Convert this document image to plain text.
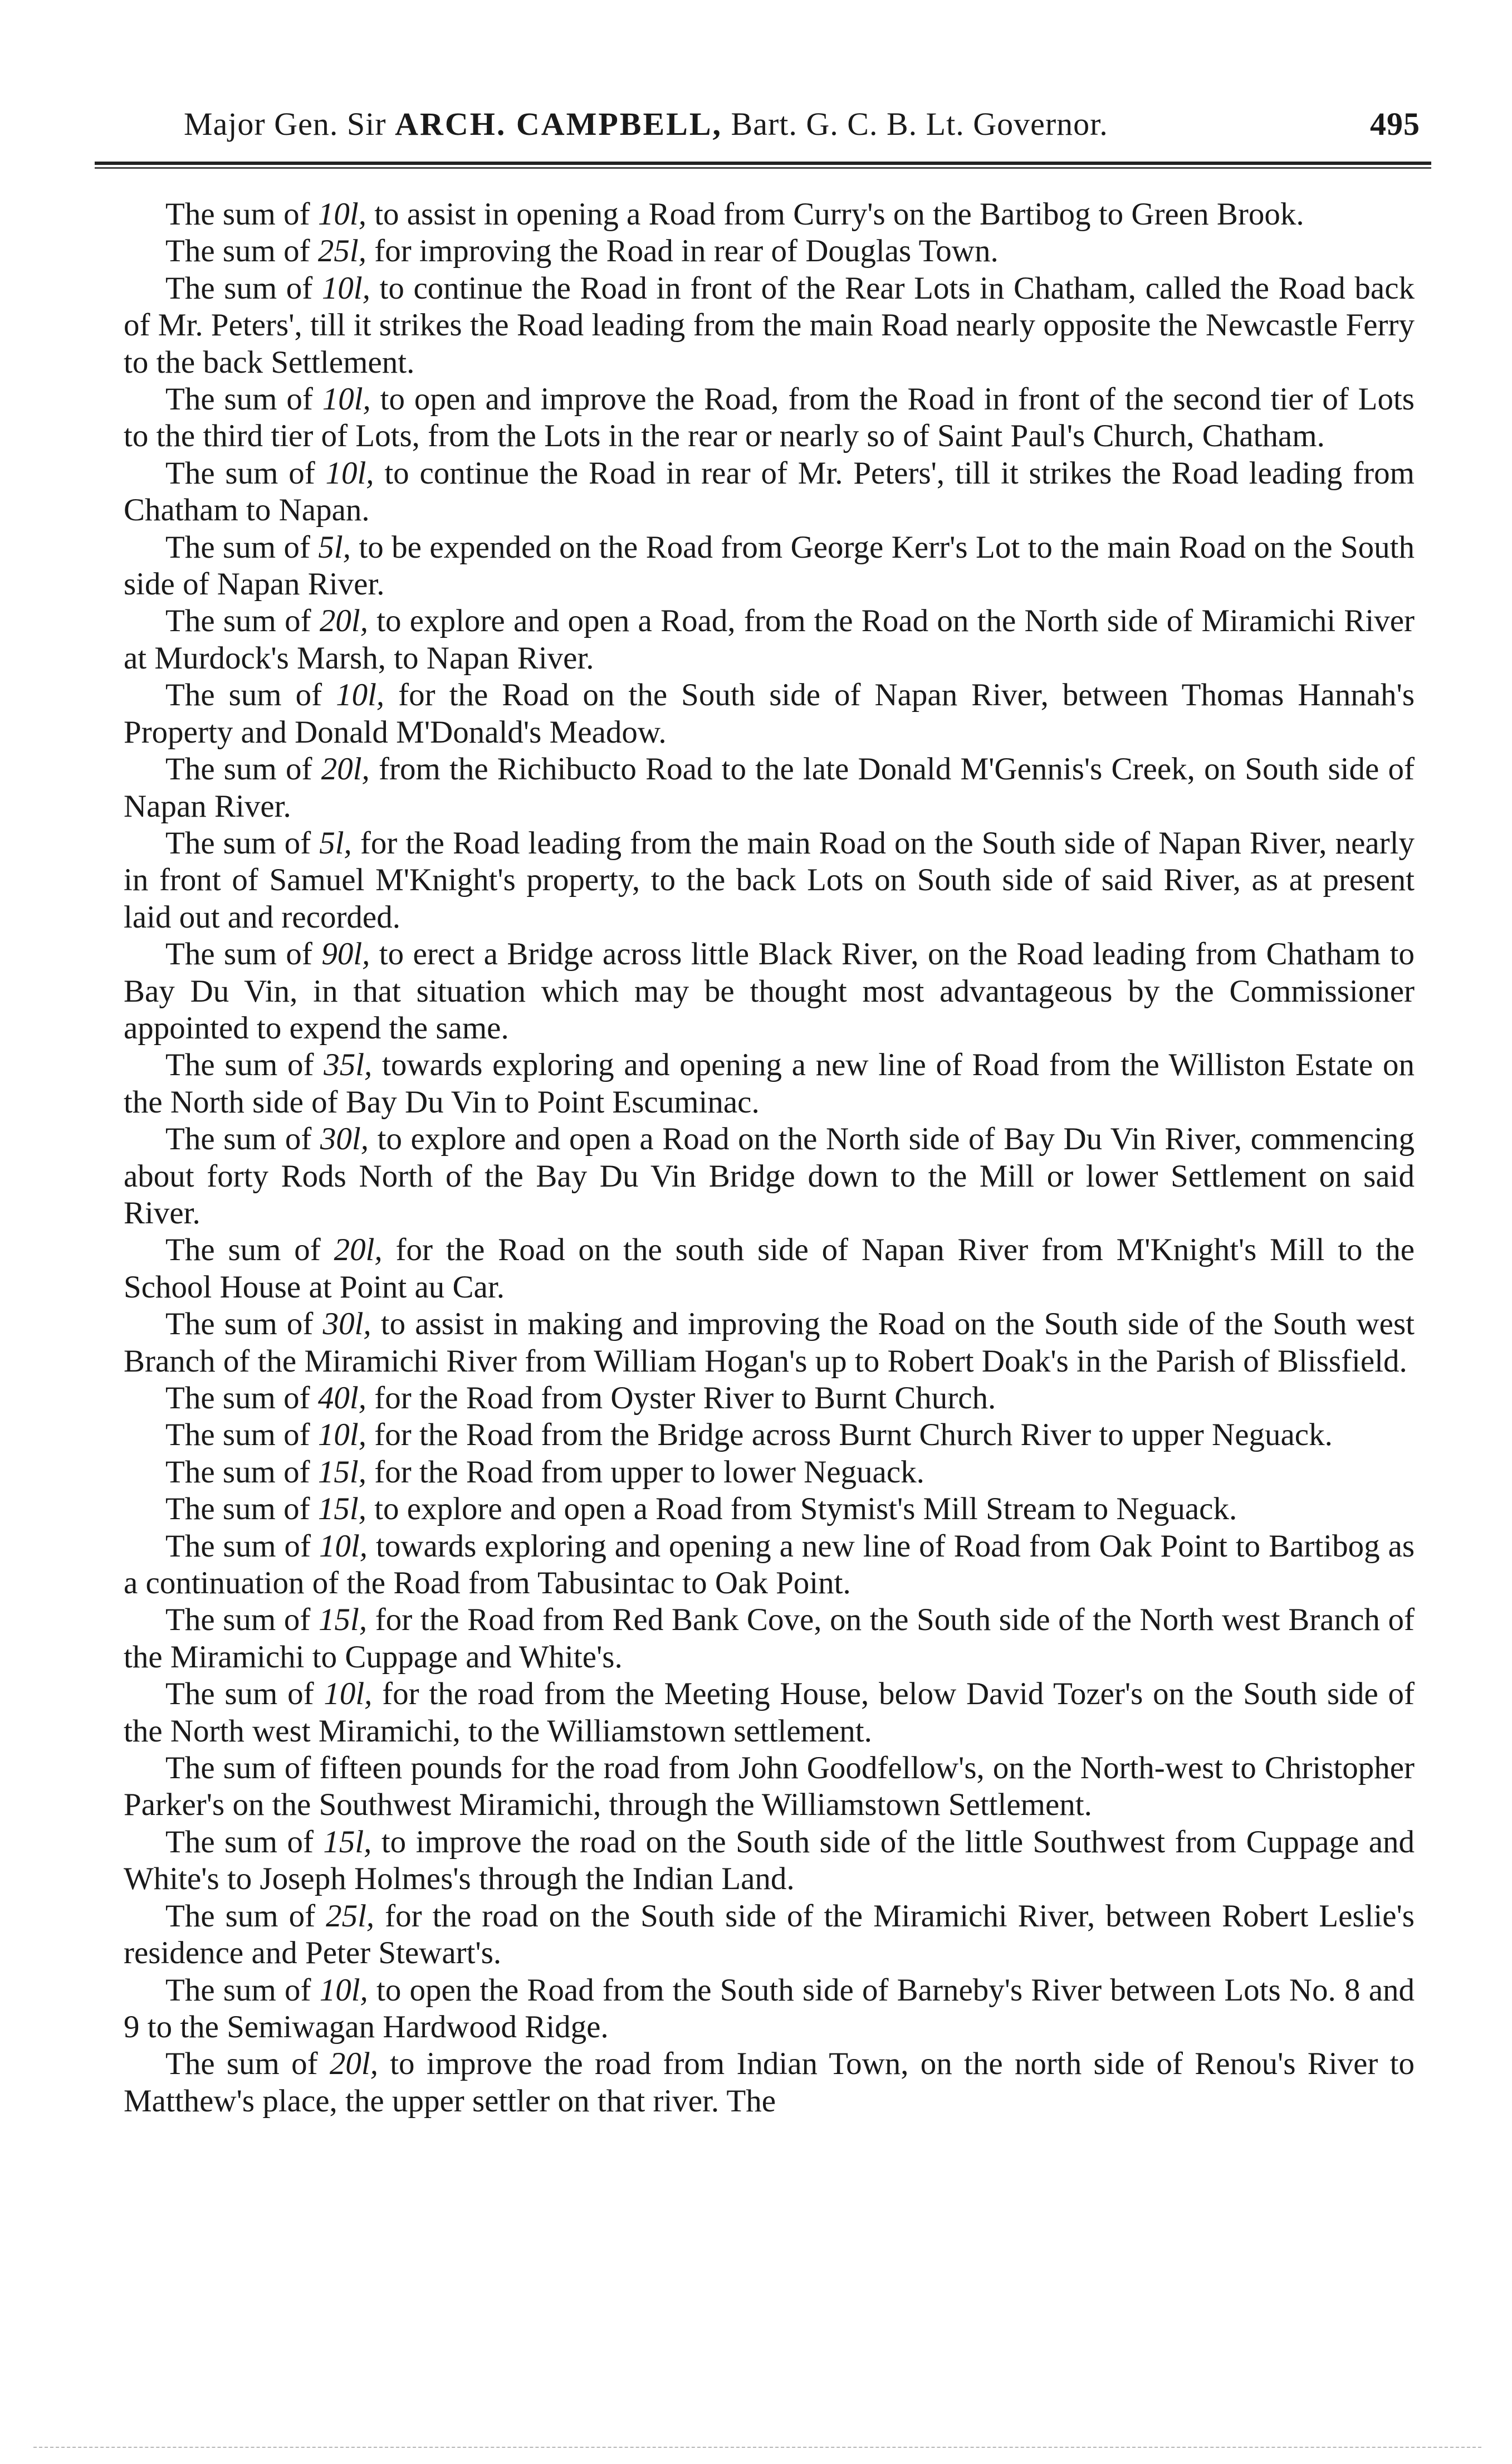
Major Gen. Sir ARCH. CAMPBELL, Bart. G. C. B. Lt. Governor.	495

The sum of 10l, to assist in opening a Road from Curry's on the Bartibog to Green Brook.

The sum of 25l, for improving the Road in rear of Douglas Town.

The sum of 10l, to continue the Road in front of the Rear Lots in Chatham, called the Road back of Mr. Peters', till it strikes the Road leading from the main Road nearly opposite the Newcastle Ferry to the back Settlement.

The sum of 10l, to open and improve the Road, from the Road in front of the second tier of Lots to the third tier of Lots, from the Lots in the rear or nearly so of Saint Paul's Church, Chatham.

The sum of 10l, to continue the Road in rear of Mr. Peters', till it strikes the Road leading from Chatham to Napan.

The sum of 5l, to be expended on the Road from George Kerr's Lot to the main Road on the South side of Napan River.

The sum of 20l, to explore and open a Road, from the Road on the North side of Miramichi River at Murdock's Marsh, to Napan River.

The sum of 10l, for the Road on the South side of Napan River, between Thomas Hannah's Property and Donald M'Donald's Meadow.

The sum of 20l, from the Richibucto Road to the late Donald M'Gennis's Creek, on South side of Napan River.

The sum of 5l, for the Road leading from the main Road on the South side of Napan River, nearly in front of Samuel M'Knight's property, to the back Lots on South side of said River, as at present laid out and recorded.

The sum of 90l, to erect a Bridge across little Black River, on the Road leading from Chatham to Bay Du Vin, in that situation which may be thought most advantageous by the Commissioner appointed to expend the same.

The sum of 35l, towards exploring and opening a new line of Road from the Williston Estate on the North side of Bay Du Vin to Point Escuminac.

The sum of 30l, to explore and open a Road on the North side of Bay Du Vin River, commencing about forty Rods North of the Bay Du Vin Bridge down to the Mill or lower Settlement on said River.

The sum of 20l, for the Road on the south side of Napan River from M'Knight's Mill to the School House at Point au Car.

The sum of 30l, to assist in making and improving the Road on the South side of the South west Branch of the Miramichi River from William Hogan's up to Robert Doak's in the Parish of Blissfield.

The sum of 40l, for the Road from Oyster River to Burnt Church.

The sum of 10l, for the Road from the Bridge across Burnt Church River to upper Neguack.

The sum of 15l, for the Road from upper to lower Neguack.

The sum of 15l, to explore and open a Road from Stymist's Mill Stream to Neguack.

The sum of 10l, towards exploring and opening a new line of Road from Oak Point to Bartibog as a continuation of the Road from Tabusintac to Oak Point.

The sum of 15l, for the Road from Red Bank Cove, on the South side of the North west Branch of the Miramichi to Cuppage and White's.

The sum of 10l, for the road from the Meeting House, below David Tozer's on the South side of the North west Miramichi, to the Williamstown settlement.

The sum of fifteen pounds for the road from John Goodfellow's, on the North-west to Christopher Parker's on the Southwest Miramichi, through the Williamstown Settlement.

The sum of 15l, to improve the road on the South side of the little Southwest from Cuppage and White's to Joseph Holmes's through the Indian Land.

The sum of 25l, for the road on the South side of the Miramichi River, between Robert Leslie's residence and Peter Stewart's.

The sum of 10l, to open the Road from the South side of Barneby's River between Lots No. 8 and 9 to the Semiwagan Hardwood Ridge.

The sum of 20l, to improve the road from Indian Town, on the north side of Renou's River to Matthew's place, the upper settler on that river. The
